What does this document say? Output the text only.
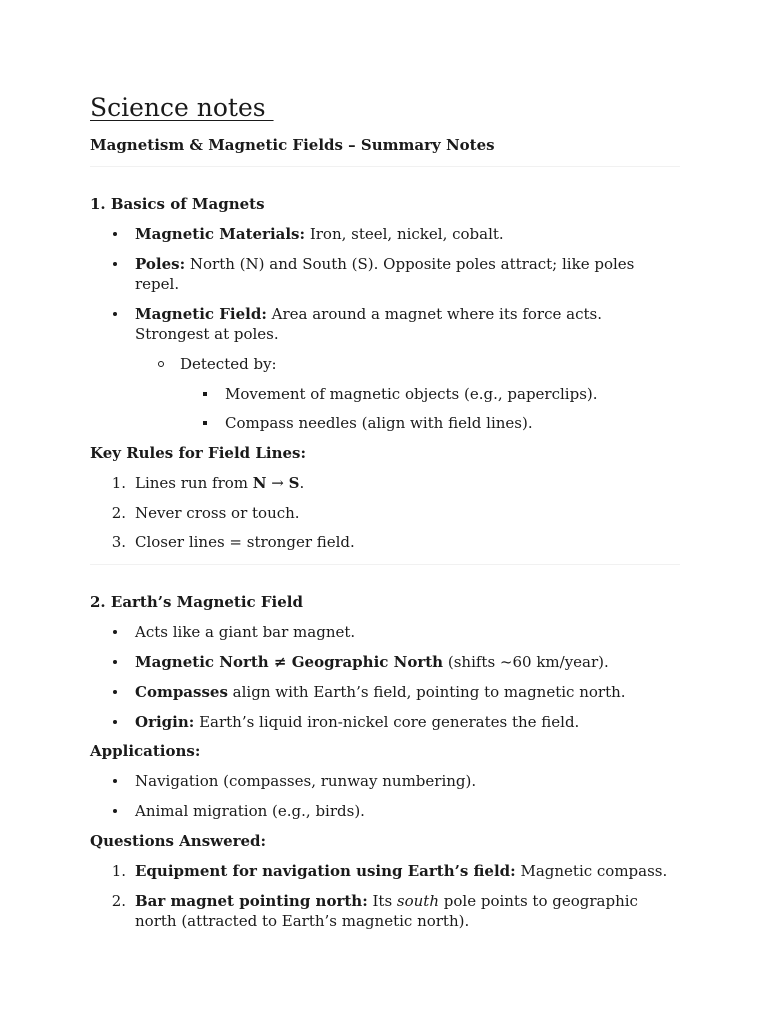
Science notes
Magnetism & Magnetic Fields – Summary Notes
1. Basics of Magnets
Magnetic Materials: Iron, steel, nickel, cobalt.
Poles: North (N) and South (S). Opposite poles attract; like poles
repel.
Magnetic Field: Area around a magnet where its force acts.
Strongest at poles.
Detected by:
Movement of magnetic objects (e.g., paperclips).
Compass needles (align with field lines).
Key Rules for Field Lines:
1. Lines run from N → S.
2. Never cross or touch.
3. Closer lines = stronger field.
2. Earth’s Magnetic Field
Acts like a giant bar magnet.
Magnetic North ≠ Geographic North (shifts ~60 km/year).
Compasses align with Earth’s field, pointing to magnetic north.
Origin: Earth’s liquid iron-nickel core generates the field.
Applications:
Navigation (compasses, runway numbering).
Animal migration (e.g., birds).
Questions Answered:
1. Equipment for navigation using Earth’s field: Magnetic compass.
2. Bar magnet pointing north: Its south pole points to geographic
north (attracted to Earth’s magnetic north).
